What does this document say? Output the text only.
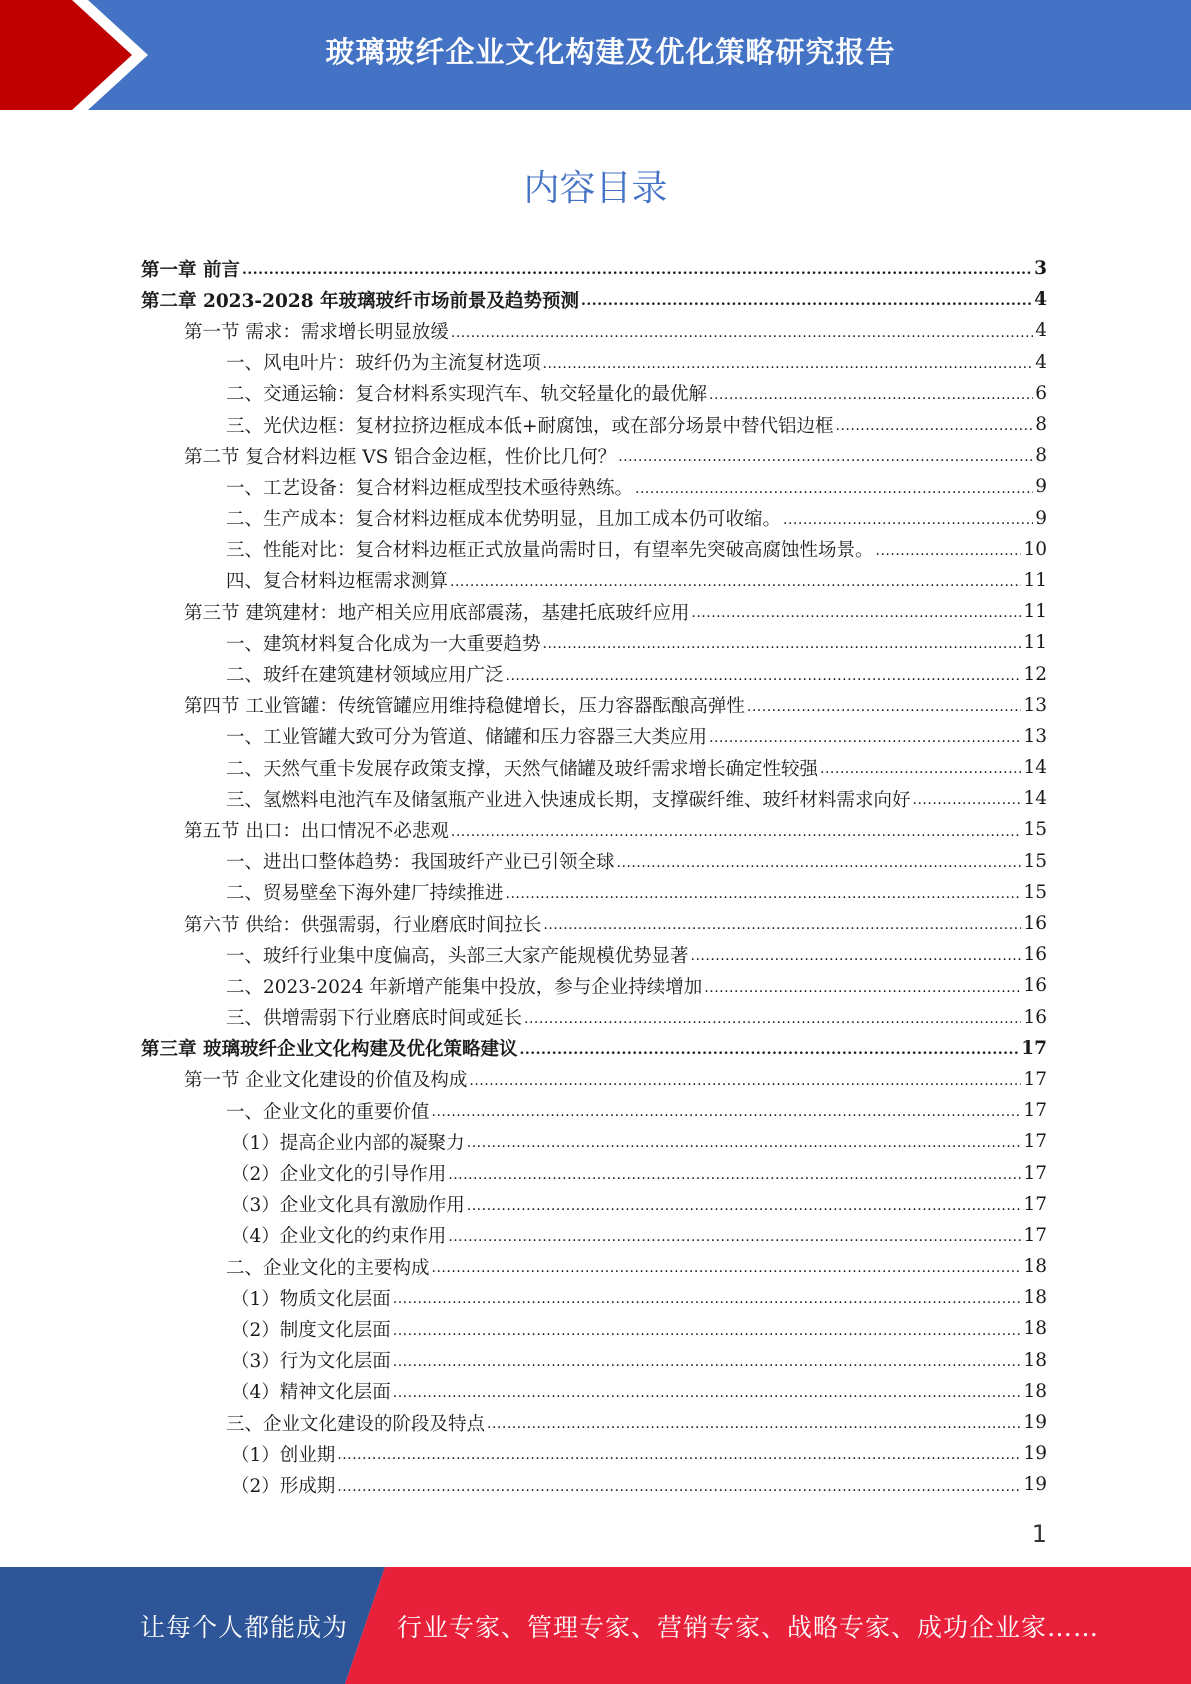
玻璃玻纤企业文化构建及优化策略研究报告
内容目录
第一章 前言 .....	3
第二章 2023-2028 年玻璃玻纤市场前景及趋势预测 .....	4
第一节 需求：需求增长明显放缓 .....	4
一、风电叶片：玻纤仍为主流复材选项 .....	4
二、交通运输：复合材料系实现汽车、轨交轻量化的最优解 .....	6
三、光伏边框：复材拉挤边框成本低+耐腐蚀，或在部分场景中替代铝边框 .....	8
第二节 复合材料边框 VS 铝合金边框，性价比几何？ .....	8
一、工艺设备：复合材料边框成型技术亟待熟练。 .....	9
二、生产成本：复合材料边框成本优势明显，且加工成本仍可收缩。 .....	9
三、性能对比：复合材料边框正式放量尚需时日，有望率先突破高腐蚀性场景。 .....	10
四、复合材料边框需求测算 .....	11
第三节 建筑建材：地产相关应用底部震荡，基建托底玻纤应用 .....	11
一、建筑材料复合化成为一大重要趋势 .....	11
二、玻纤在建筑建材领域应用广泛 .....	12
第四节 工业管罐：传统管罐应用维持稳健增长，压力容器酝酿高弹性 .....	13
一、工业管罐大致可分为管道、储罐和压力容器三大类应用 .....	13
二、天然气重卡发展存政策支撑，天然气储罐及玻纤需求增长确定性较强 .....	14
三、氢燃料电池汽车及储氢瓶产业进入快速成长期，支撑碳纤维、玻纤材料需求向好 .....	14
第五节 出口：出口情况不必悲观 .....	15
一、进出口整体趋势：我国玻纤产业已引领全球 .....	15
二、贸易壁垒下海外建厂持续推进 .....	15
第六节 供给：供强需弱，行业磨底时间拉长 .....	16
一、玻纤行业集中度偏高，头部三大家产能规模优势显著 .....	16
二、2023-2024 年新增产能集中投放，参与企业持续增加 .....	16
三、供增需弱下行业磨底时间或延长 .....	16
第三章 玻璃玻纤企业文化构建及优化策略建议 .....	17
第一节 企业文化建设的价值及构成 .....	17
一、企业文化的重要价值 .....	17
（1）提高企业内部的凝聚力 .....	17
（2）企业文化的引导作用 .....	17
（3）企业文化具有激励作用 .....	17
（4）企业文化的约束作用 .....	17
二、企业文化的主要构成 .....	18
（1）物质文化层面 .....	18
（2）制度文化层面 .....	18
（3）行为文化层面 .....	18
（4）精神文化层面 .....	18
三、企业文化建设的阶段及特点 .....	19
（1）创业期 .....	19
（2）形成期 .....	19
1
让每个人都能成为 行业专家、管理专家、营销专家、战略专家、成功企业家……
